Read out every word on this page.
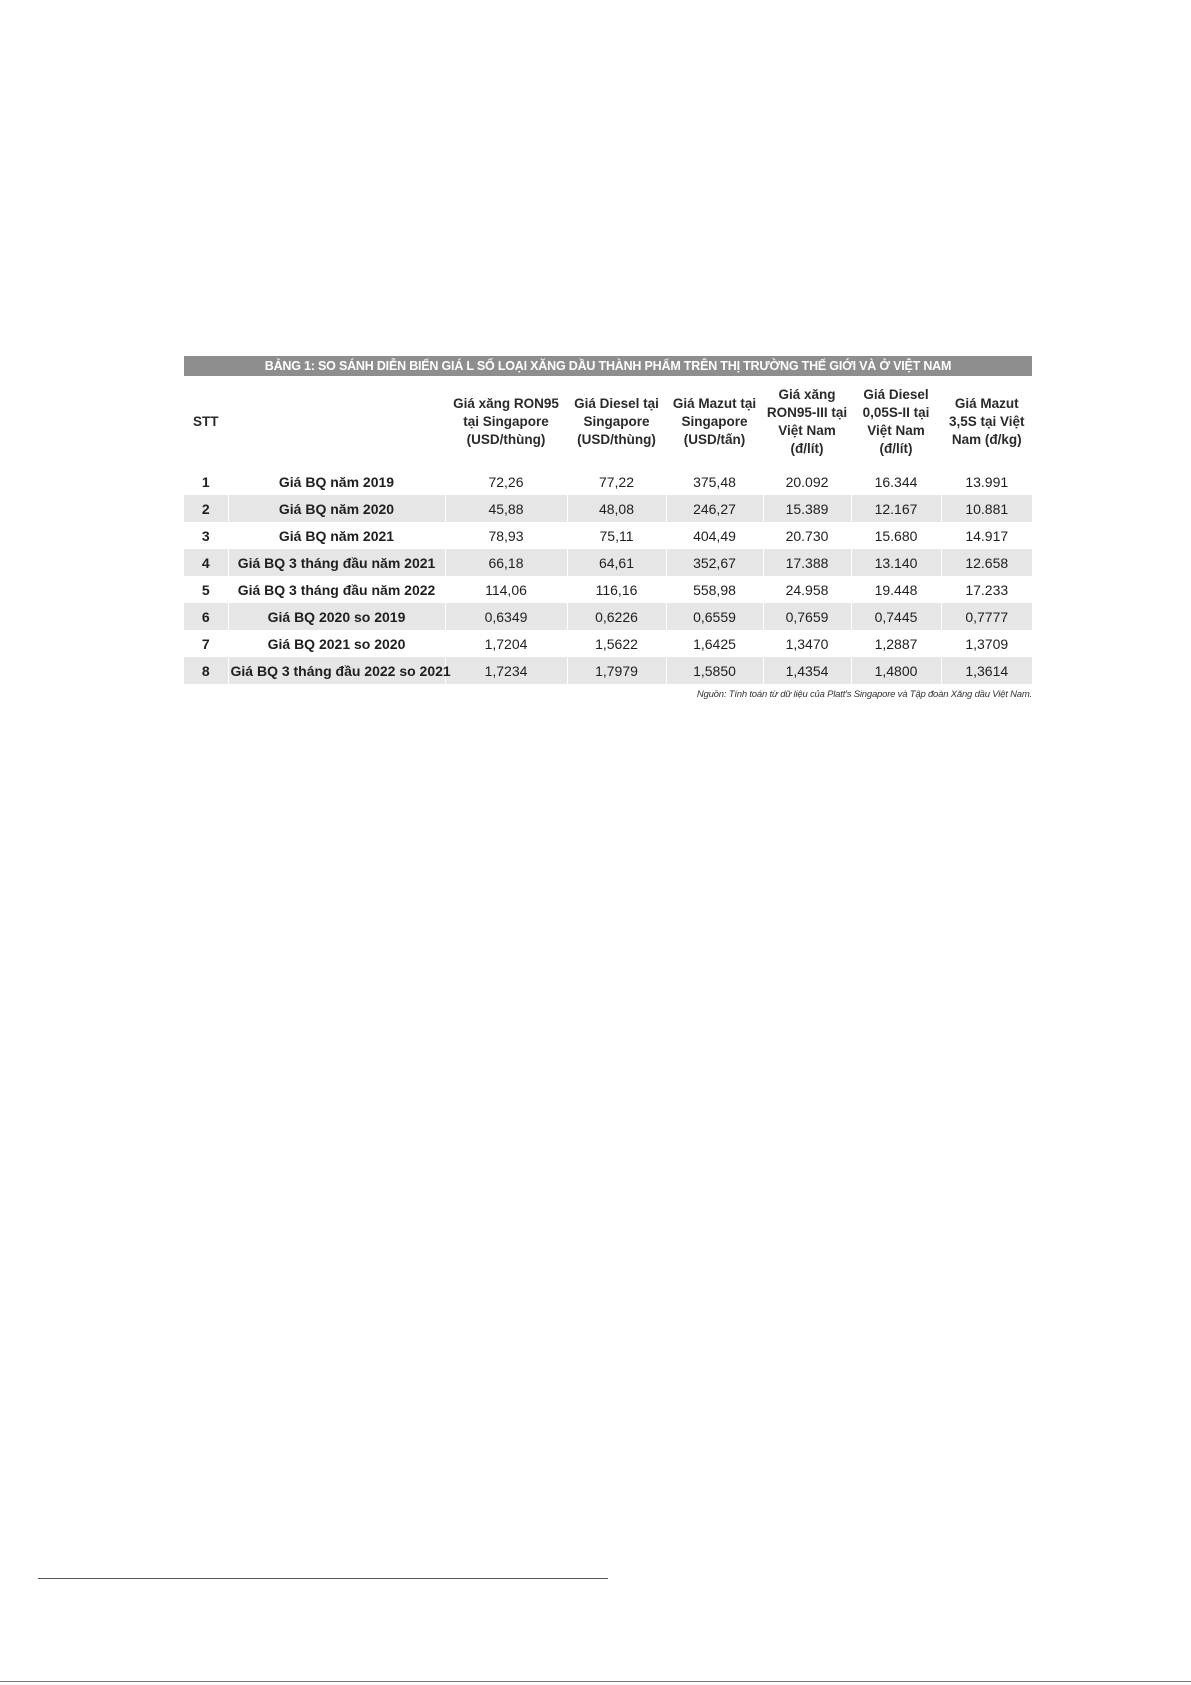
BẢNG 1: SO SÁNH DIỄN BIẾN GIÁ L SỐ LOẠI XĂNG DẦU THÀNH PHẨM TRÊN THỊ TRƯỜNG THẾ GIỚI VÀ Ở VIỆT NAM
STT		Giá xăng RON95 tại Singapore (USD/thùng)	Giá Diesel tại Singapore (USD/thùng)	Giá Mazut tại Singapore (USD/tấn)	Giá xăng RON95-III tại Việt Nam (đ/lít)	Giá Diesel 0,05S-II tại Việt Nam (đ/lít)	Giá Mazut 3,5S tại Việt Nam (đ/kg)
1	Giá BQ năm 2019	72,26	77,22	375,48	20.092	16.344	13.991
2	Giá BQ năm 2020	45,88	48,08	246,27	15.389	12.167	10.881
3	Giá BQ năm 2021	78,93	75,11	404,49	20.730	15.680	14.917
4	Giá BQ 3 tháng đầu năm 2021	66,18	64,61	352,67	17.388	13.140	12.658
5	Giá BQ 3 tháng đầu năm 2022	114,06	116,16	558,98	24.958	19.448	17.233
6	Giá BQ 2020 so 2019	0,6349	0,6226	0,6559	0,7659	0,7445	0,7777
7	Giá BQ 2021 so 2020	1,7204	1,5622	1,6425	1,3470	1,2887	1,3709
8	Giá BQ 3 tháng đầu 2022 so 2021	1,7234	1,7979	1,5850	1,4354	1,4800	1,3614
Nguồn: Tính toán từ dữ liệu của Platt's Singapore và Tập đoàn Xăng dầu Việt Nam.
